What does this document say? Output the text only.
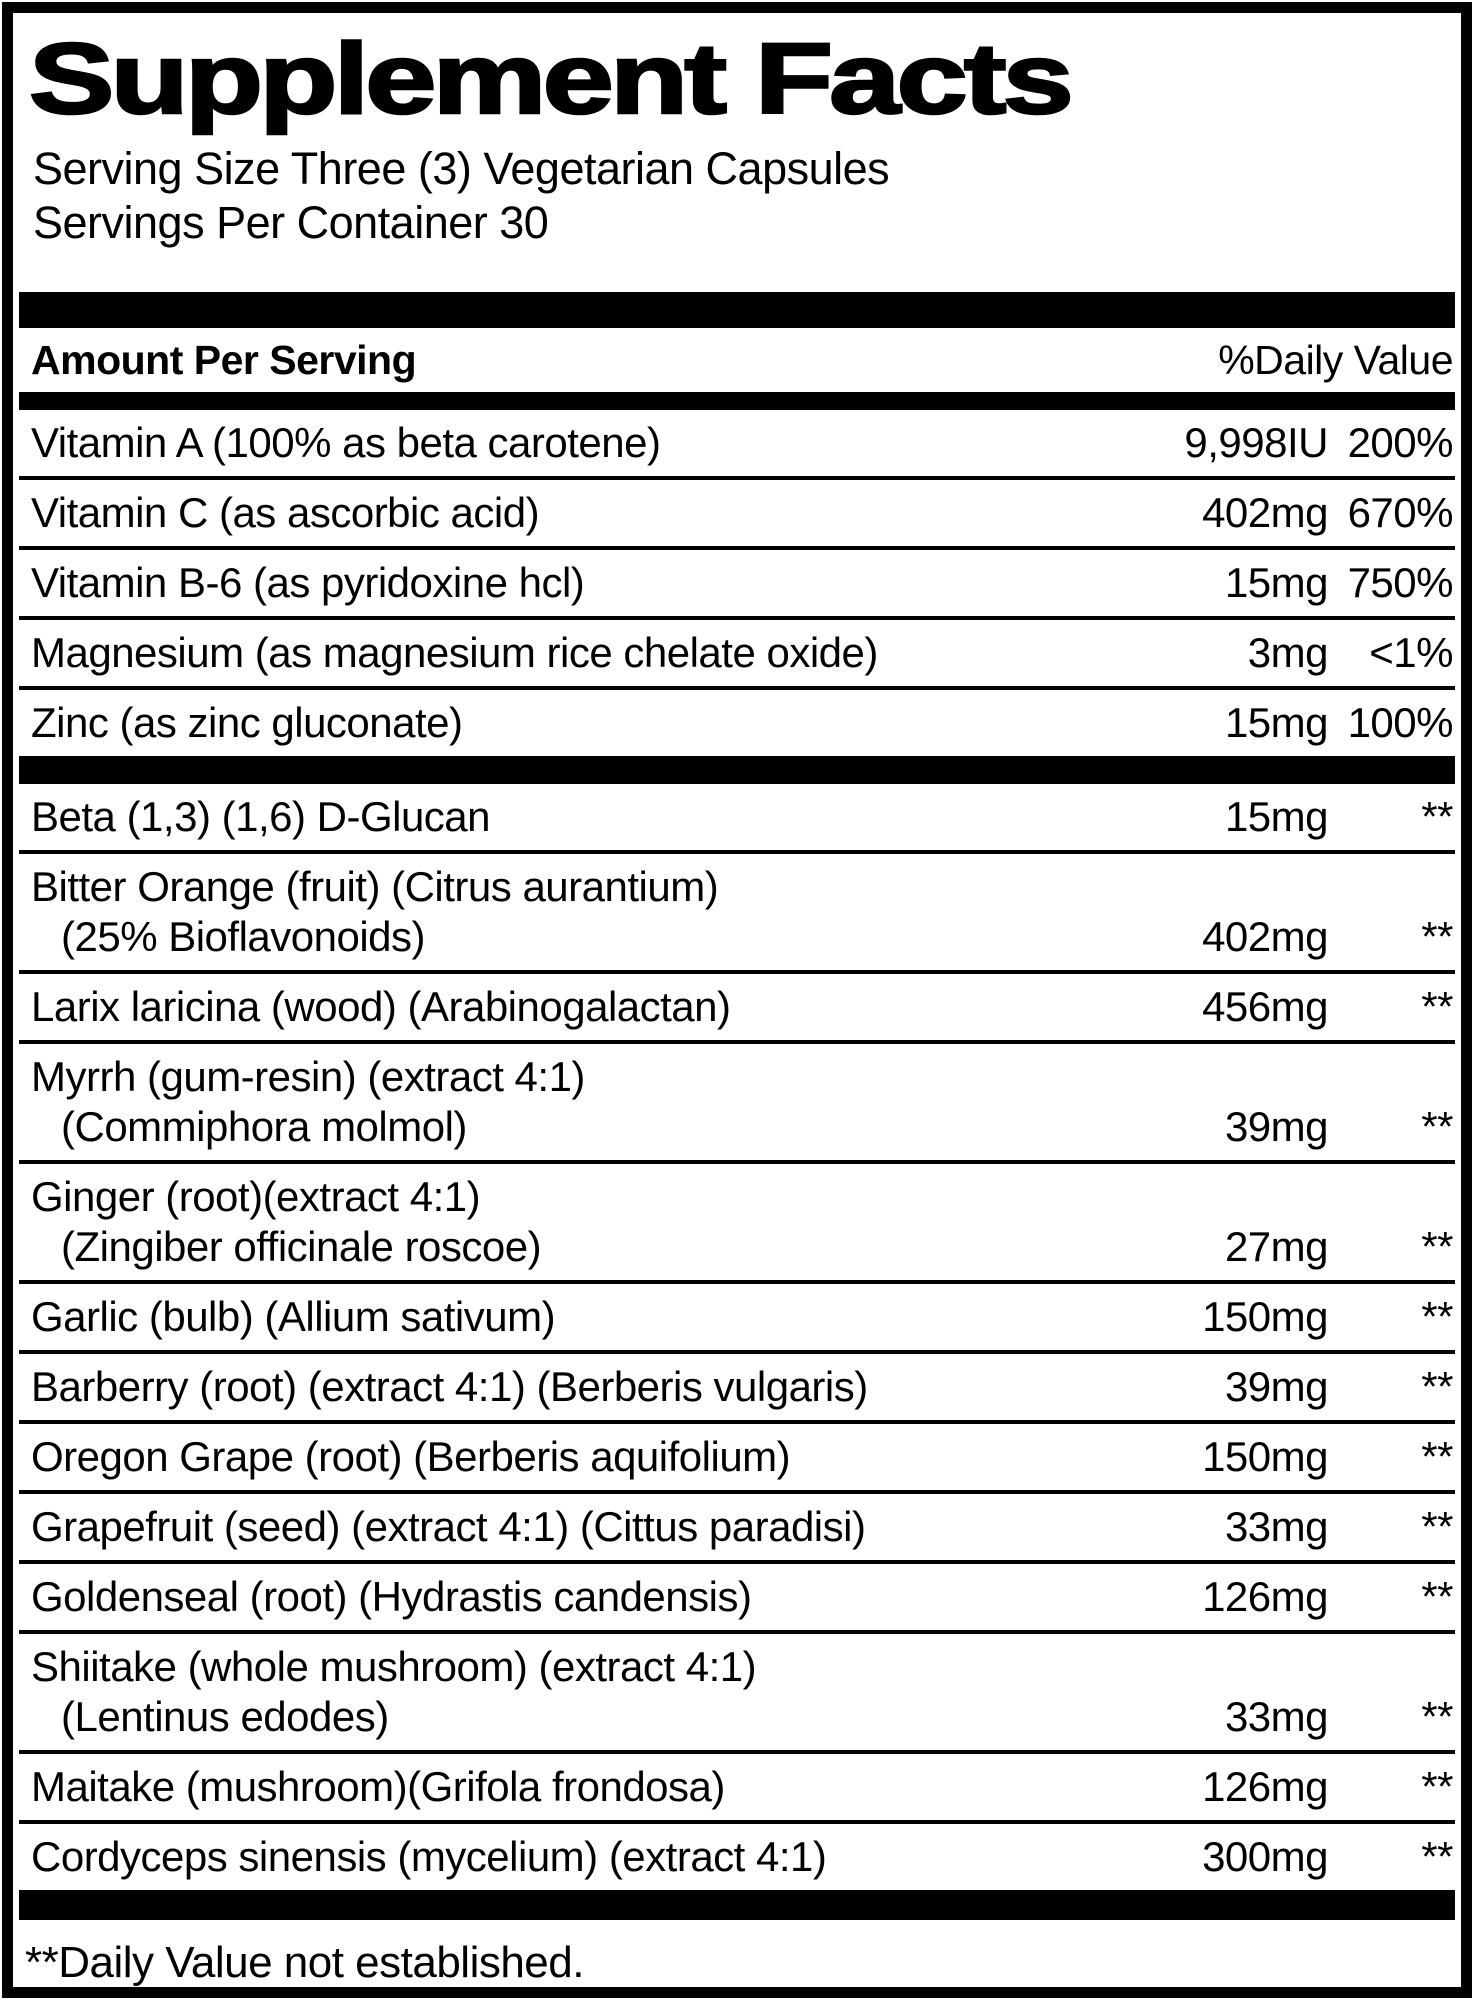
Supplement Facts
Serving Size Three (3) Vegetarian Capsules
Servings Per Container 30
Amount Per Serving	%Daily Value
Vitamin A (100% as beta carotene)	9,998IU 200%
Vitamin C (as ascorbic acid)	402mg 670%
Vitamin B-6 (as pyridoxine hcl)	15mg 750%
Magnesium (as magnesium rice chelate oxide)	3mg <1%
Zinc (as zinc gluconate)	15mg 100%
Beta (1,3) (1,6) D-Glucan	15mg	**
Bitter Orange (fruit) (Citrus aurantium)
(25% Bioflavonoids)	402mg	**
Larix laricina (wood) (Arabinogalactan)	456mg	**
Myrrh (gum-resin) (extract 4:1)
(Commiphora molmol)	39mg	**
Ginger (root)(extract 4:1)
(Zingiber officinale roscoe)	27mg	**
Garlic (bulb) (Allium sativum)	150mg	**
Barberry (root) (extract 4:1) (Berberis vulgaris)	39mg	**
Oregon Grape (root) (Berberis aquifolium)	150mg	**
Grapefruit (seed) (extract 4:1) (Cittus paradisi)	33mg	**
Goldenseal (root) (Hydrastis candensis)	126mg	**
Shiitake (whole mushroom) (extract 4:1)
(Lentinus edodes)	33mg	**
Maitake (mushroom)(Grifola frondosa)	126mg	**
Cordyceps sinensis (mycelium) (extract 4:1)	300mg	**
**Daily Value not established.
